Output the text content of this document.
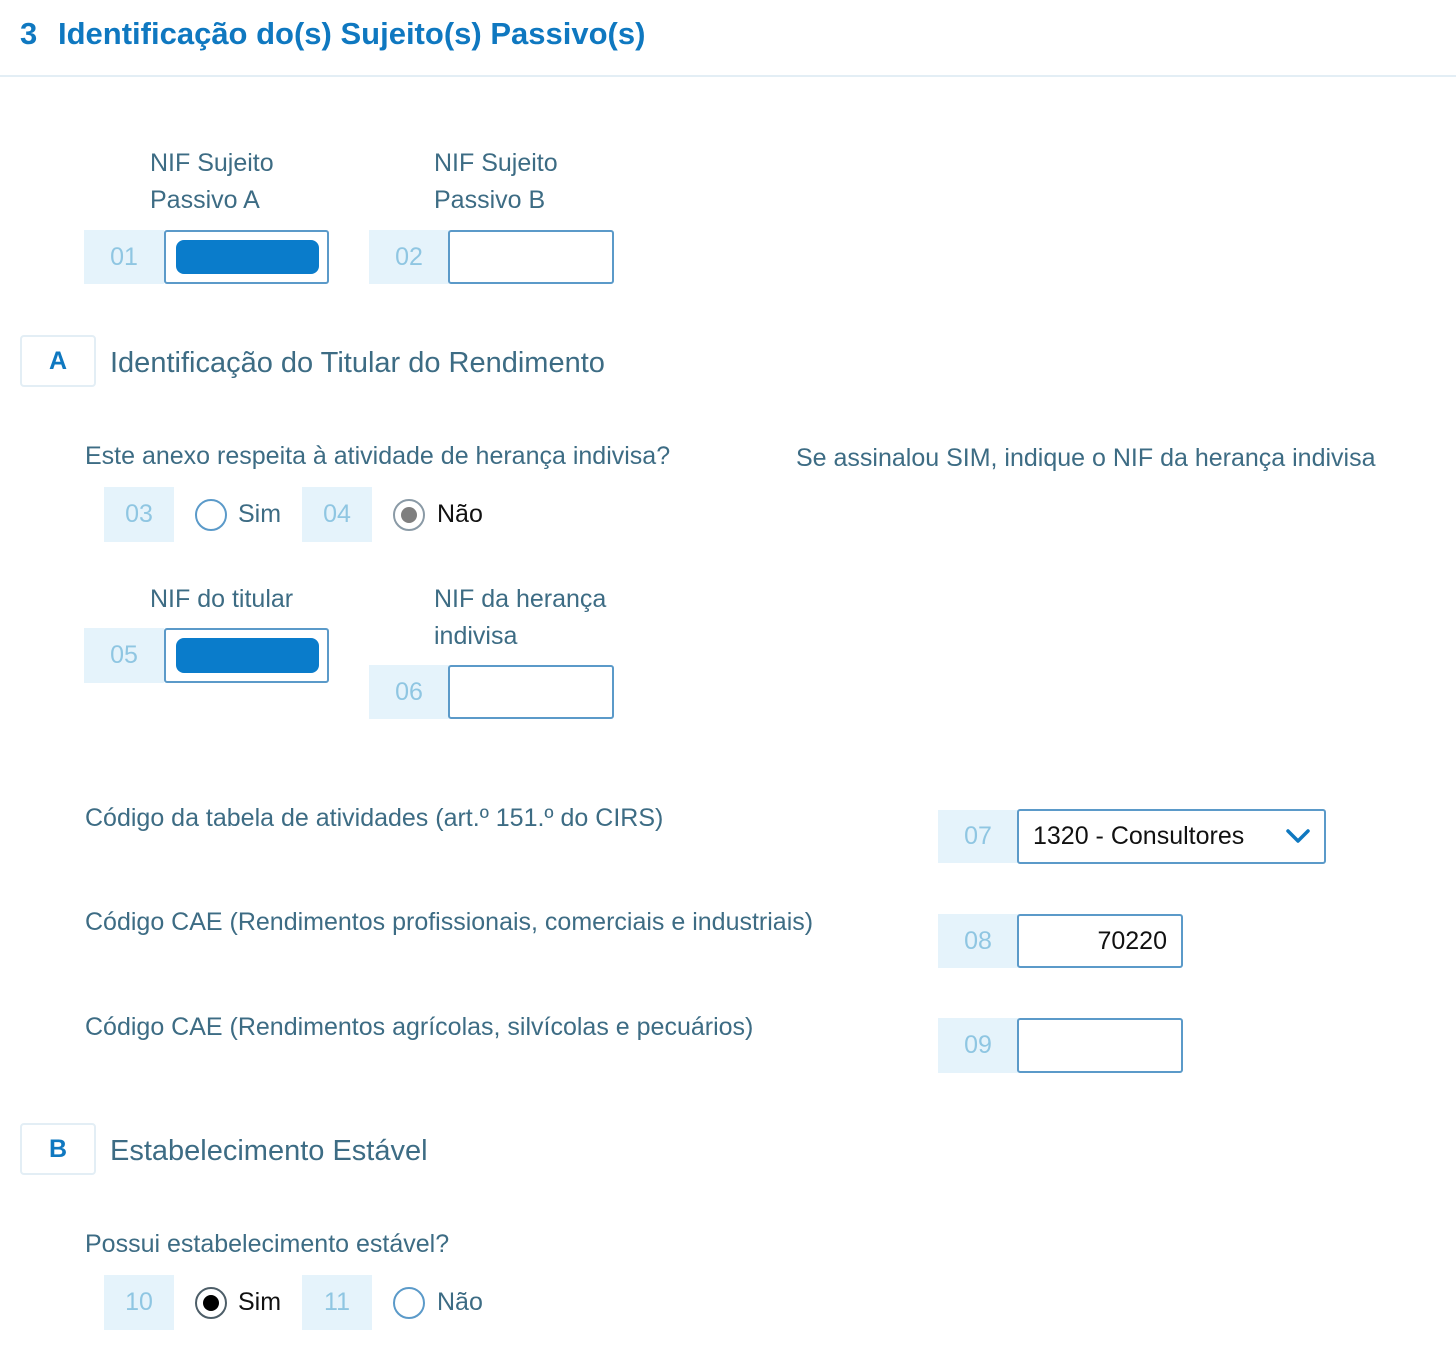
3 Identificação do(s) Sujeito(s) Passivo(s)
NIF Sujeito
Passivo A
01
NIF Sujeito
Passivo B
02
A	Identificação do Titular do Rendimento
Este anexo respeita à atividade de herança indivisa?	Se assinalou SIM, indique o NIF da herança indivisa
03	Sim	04	Não
NIF do titular
05
NIF da herança
indivisa
06
Código da tabela de atividades (art.º 151.º do CIRS)
07	1320 - Consultores
Código CAE (Rendimentos profissionais, comerciais e industriais)
08	70220
Código CAE (Rendimentos agrícolas, silvícolas e pecuários)
09
B	Estabelecimento Estável
Possui estabelecimento estável?
10	Sim	11	Não
